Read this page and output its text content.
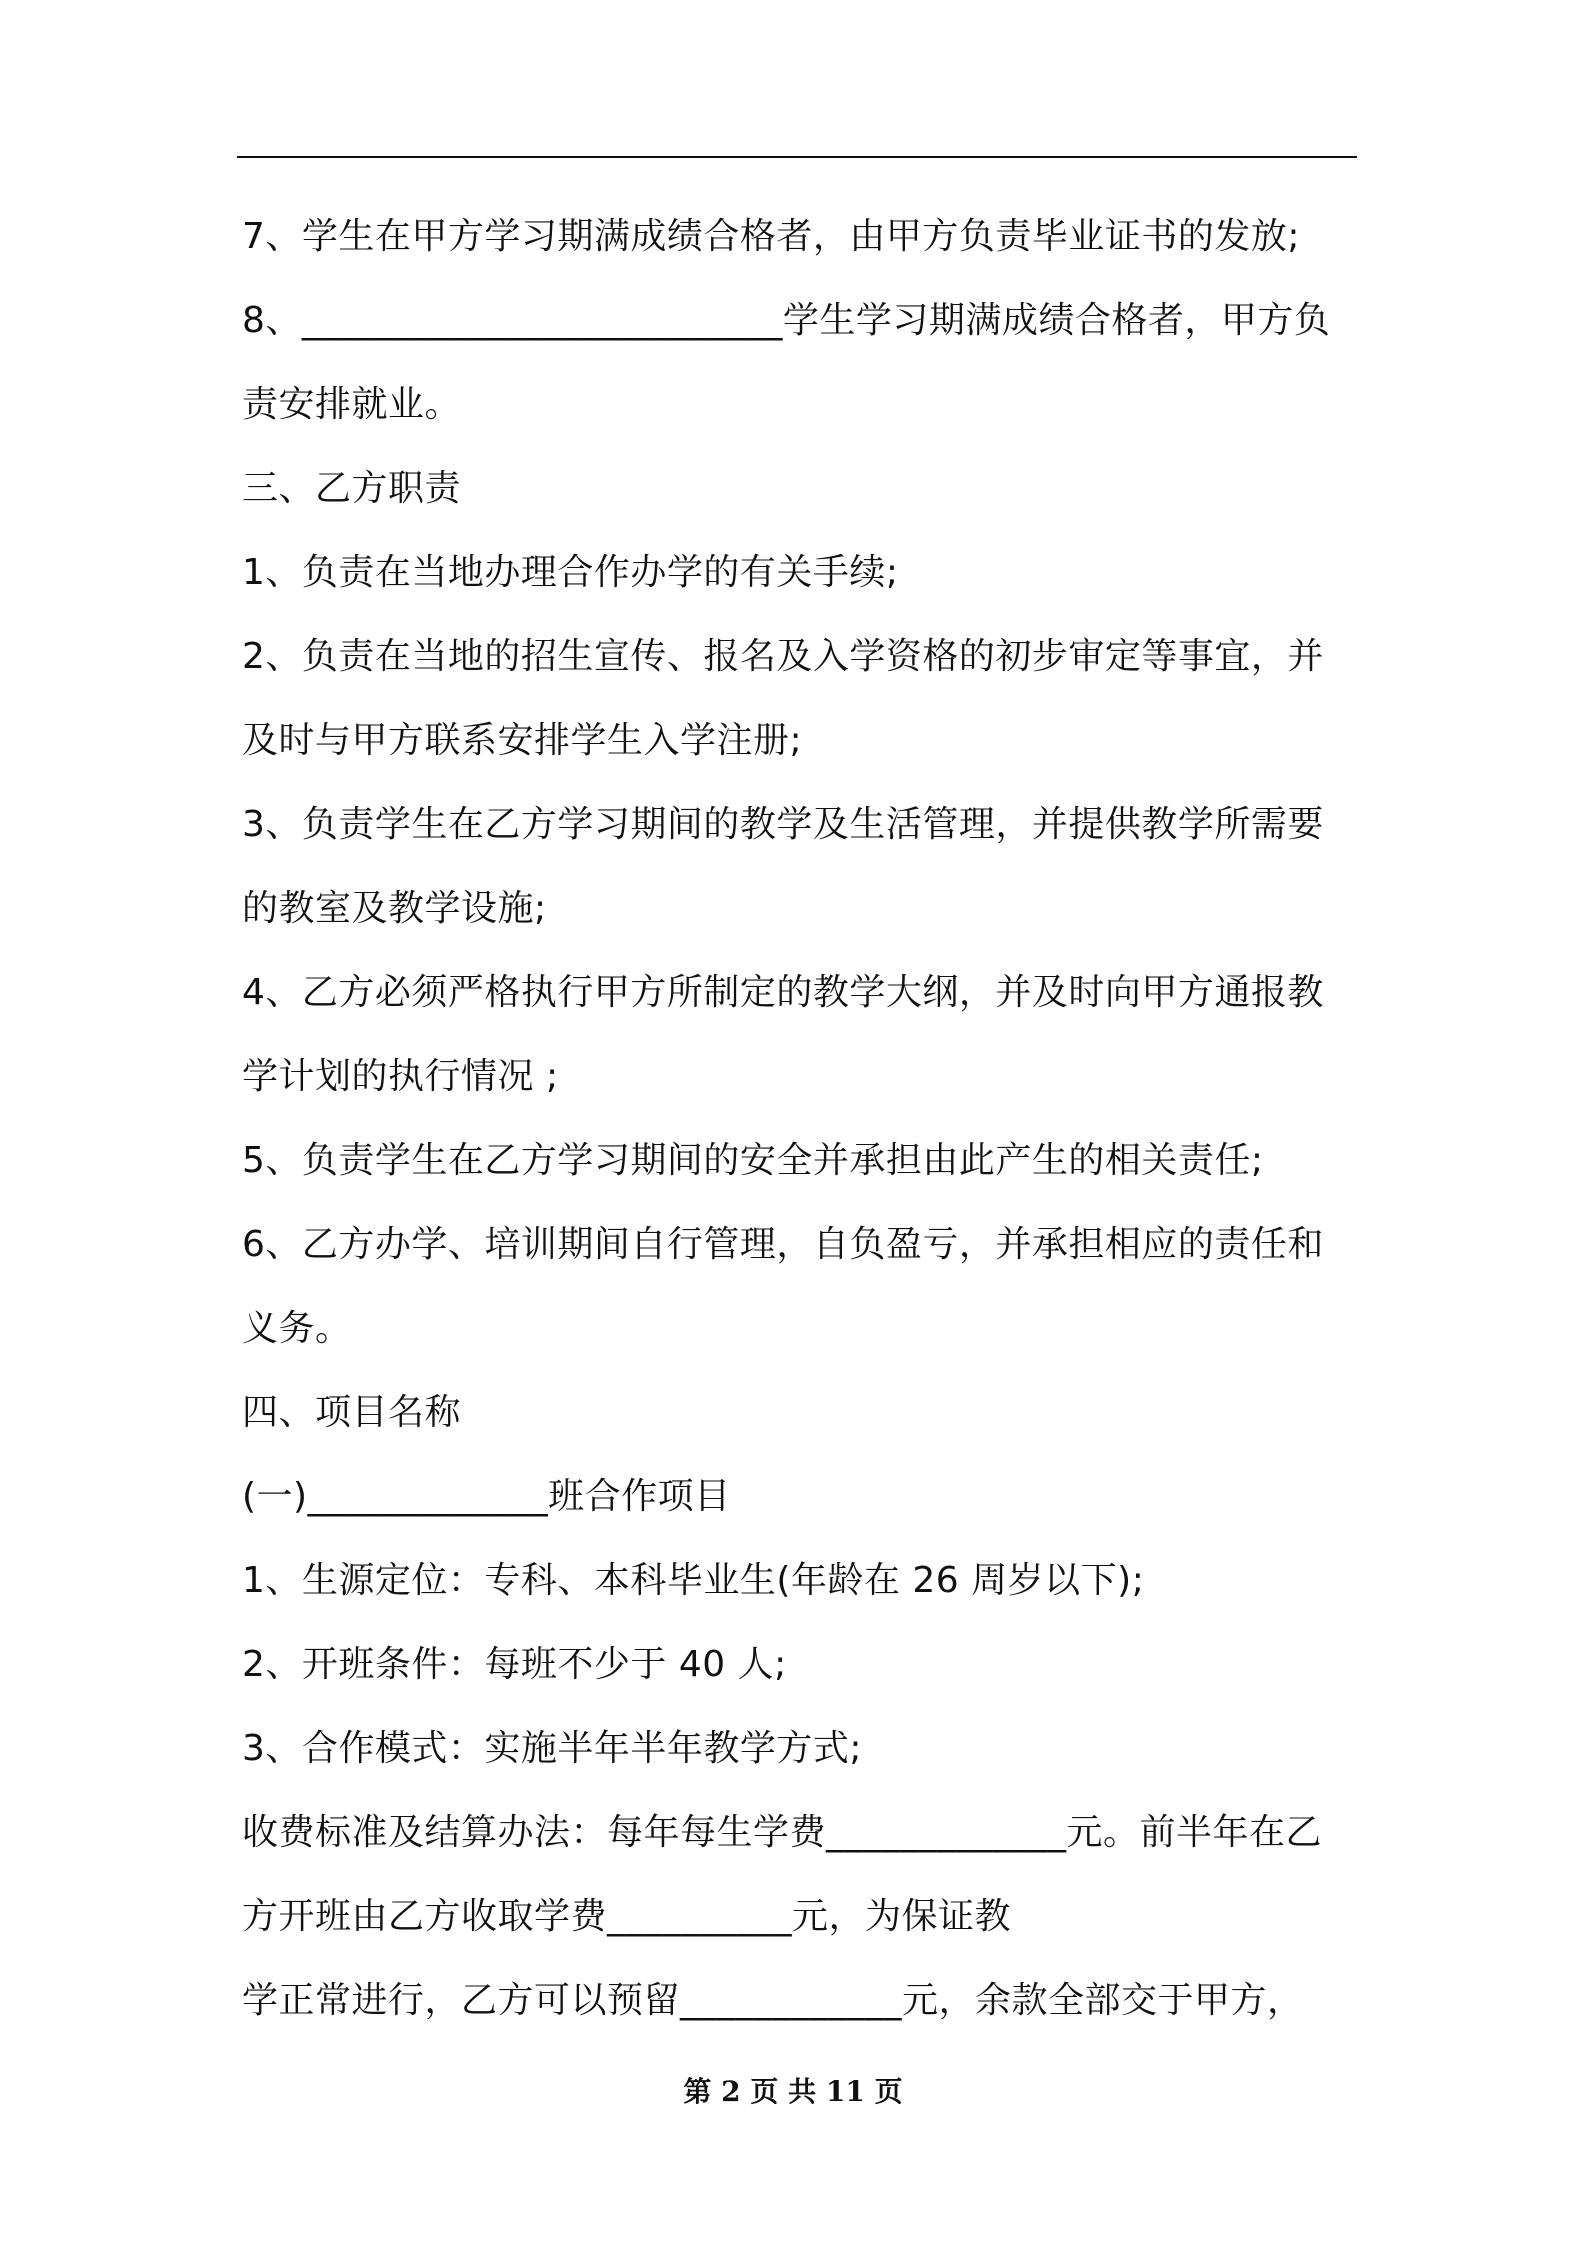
7、学生在甲方学习期满成绩合格者，由甲方负责毕业证书的发放;
8、__________________________学生学习期满成绩合格者，甲方负
责安排就业。
三、乙方职责
1、负责在当地办理合作办学的有关手续;
2、负责在当地的招生宣传、报名及入学资格的初步审定等事宜，并
及时与甲方联系安排学生入学注册;
3、负责学生在乙方学习期间的教学及生活管理，并提供教学所需要
的教室及教学设施;
4、乙方必须严格执行甲方所制定的教学大纲，并及时向甲方通报教
学计划的执行情况 ;
5、负责学生在乙方学习期间的安全并承担由此产生的相关责任;
6、乙方办学、培训期间自行管理，自负盈亏，并承担相应的责任和
义务。
四、项目名称
(一)_____________班合作项目
1、生源定位：专科、本科毕业生(年龄在 26 周岁以下);
2、开班条件：每班不少于 40 人;
3、合作模式：实施半年半年教学方式;
收费标准及结算办法：每年每生学费_____________元。前半年在乙
方开班由乙方收取学费__________元，为保证教
学正常进行，乙方可以预留____________元，余款全部交于甲方，
第 2 页 共 11 页
